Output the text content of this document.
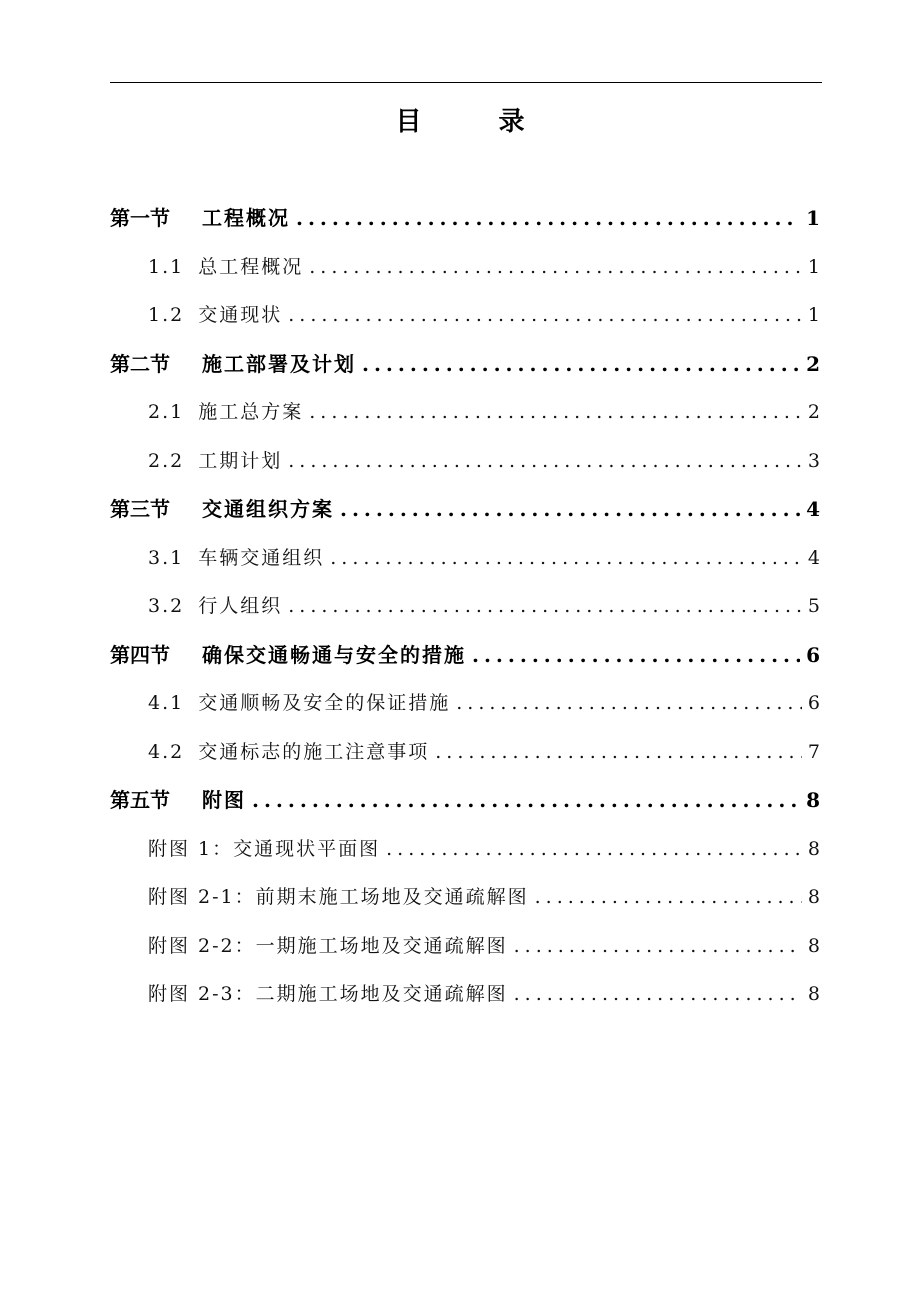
目 录
第一节 工程概况 .....	1
1.1 总工程概况 .....	1
1.2 交通现状 .....	1
第二节 施工部署及计划 .....	2
2.1 施工总方案 .....	2
2.2 工期计划 .....	3
第三节 交通组织方案 .....	4
3.1 车辆交通组织 .....	4
3.2 行人组织 .....	5
第四节 确保交通畅通与安全的措施 .....	6
4.1 交通顺畅及安全的保证措施 .....	6
4.2 交通标志的施工注意事项 .....	7
第五节 附图 .....	8
附图 1：交通现状平面图 .....	8
附图 2-1：前期末施工场地及交通疏解图 .....	8
附图 2-2：一期施工场地及交通疏解图 .....	8
附图 2-3：二期施工场地及交通疏解图 .....	8
